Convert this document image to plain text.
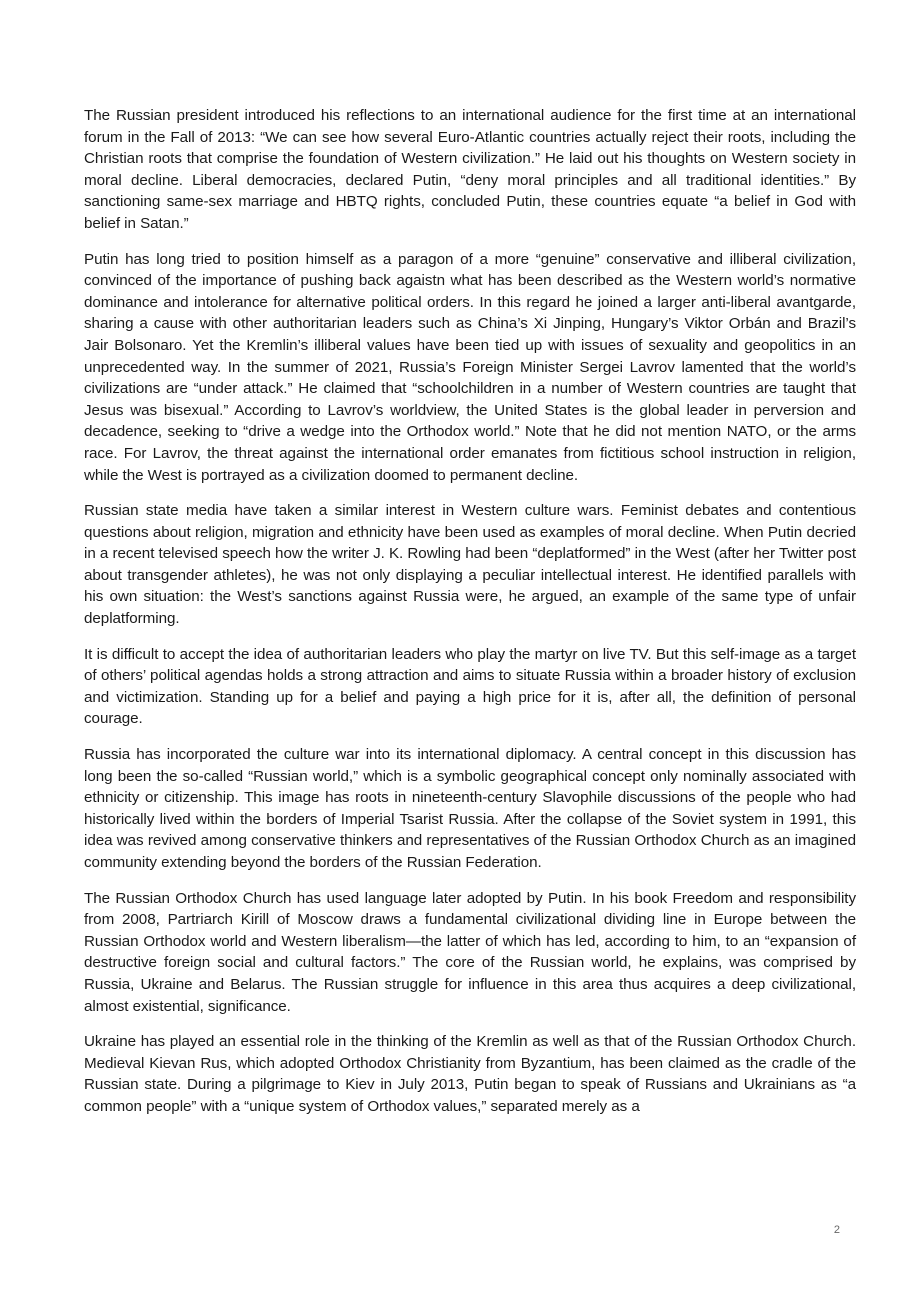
The Russian president introduced his reflections to an international audience for the first time at an international forum in the Fall of 2013: “We can see how several Euro-Atlantic countries actually reject their roots, including the Christian roots that comprise the foundation of Western civilization.” He laid out his thoughts on Western society in moral decline. Liberal democracies, declared Putin, “deny moral principles and all traditional identities.” By sanctioning same-sex marriage and HBTQ rights, concluded Putin, these countries equate “a belief in God with belief in Satan.”

Putin has long tried to position himself as a paragon of a more “genuine” conservative and illiberal civilization, convinced of the importance of pushing back agaistn what has been described as the Western world’s normative dominance and intolerance for alternative political orders. In this regard he joined a larger anti-liberal avantgarde, sharing a cause with other authoritarian leaders such as China’s Xi Jinping, Hungary’s Viktor Orbán and Brazil’s Jair Bolsonaro. Yet the Kremlin’s illiberal values have been tied up with issues of sexuality and geopolitics in an unprecedented way. In the summer of 2021, Russia’s Foreign Minister Sergei Lavrov lamented that the world’s civilizations are “under attack.” He claimed that “schoolchildren in a number of Western countries are taught that Jesus was bisexual.” According to Lavrov’s worldview, the United States is the global leader in perversion and decadence, seeking to “drive a wedge into the Orthodox world.” Note that he did not mention NATO, or the arms race. For Lavrov, the threat against the international order emanates from fictitious school instruction in religion, while the West is portrayed as a civilization doomed to permanent decline.

Russian state media have taken a similar interest in Western culture wars. Feminist debates and contentious questions about religion, migration and ethnicity have been used as examples of moral decline. When Putin decried in a recent televised speech how the writer J. K. Rowling had been “deplatformed” in the West (after her Twitter post about transgender athletes), he was not only displaying a peculiar intellectual interest. He identified parallels with his own situation: the West’s sanctions against Russia were, he argued, an example of the same type of unfair deplatforming.

It is difficult to accept the idea of authoritarian leaders who play the martyr on live TV. But this self-image as a target of others’ political agendas holds a strong attraction and aims to situate Russia within a broader history of exclusion and victimization. Standing up for a belief and paying a high price for it is, after all, the definition of personal courage.

Russia has incorporated the culture war into its international diplomacy. A central concept in this discussion has long been the so-called “Russian world,” which is a symbolic geographical concept only nominally associated with ethnicity or citizenship. This image has roots in nineteenth-century Slavophile discussions of the people who had historically lived within the borders of Imperial Tsarist Russia. After the collapse of the Soviet system in 1991, this idea was revived among conservative thinkers and representatives of the Russian Orthodox Church as an imagined community extending beyond the borders of the Russian Federation.

The Russian Orthodox Church has used language later adopted by Putin. In his book Freedom and responsibility from 2008, Partriarch Kirill of Moscow draws a fundamental civilizational dividing line in Europe between the Russian Orthodox world and Western liberalism—the latter of which has led, according to him, to an “expansion of destructive foreign social and cultural factors.” The core of the Russian world, he explains, was comprised by Russia, Ukraine and Belarus. The Russian struggle for influence in this area thus acquires a deep civilizational, almost existential, significance.

Ukraine has played an essential role in the thinking of the Kremlin as well as that of the Russian Orthodox Church. Medieval Kievan Rus, which adopted Orthodox Christianity from Byzantium, has been claimed as the cradle of the Russian state. During a pilgrimage to Kiev in July 2013, Putin began to speak of Russians and Ukrainians as “a common people” with a “unique system of Orthodox values,” separated merely as a

2
